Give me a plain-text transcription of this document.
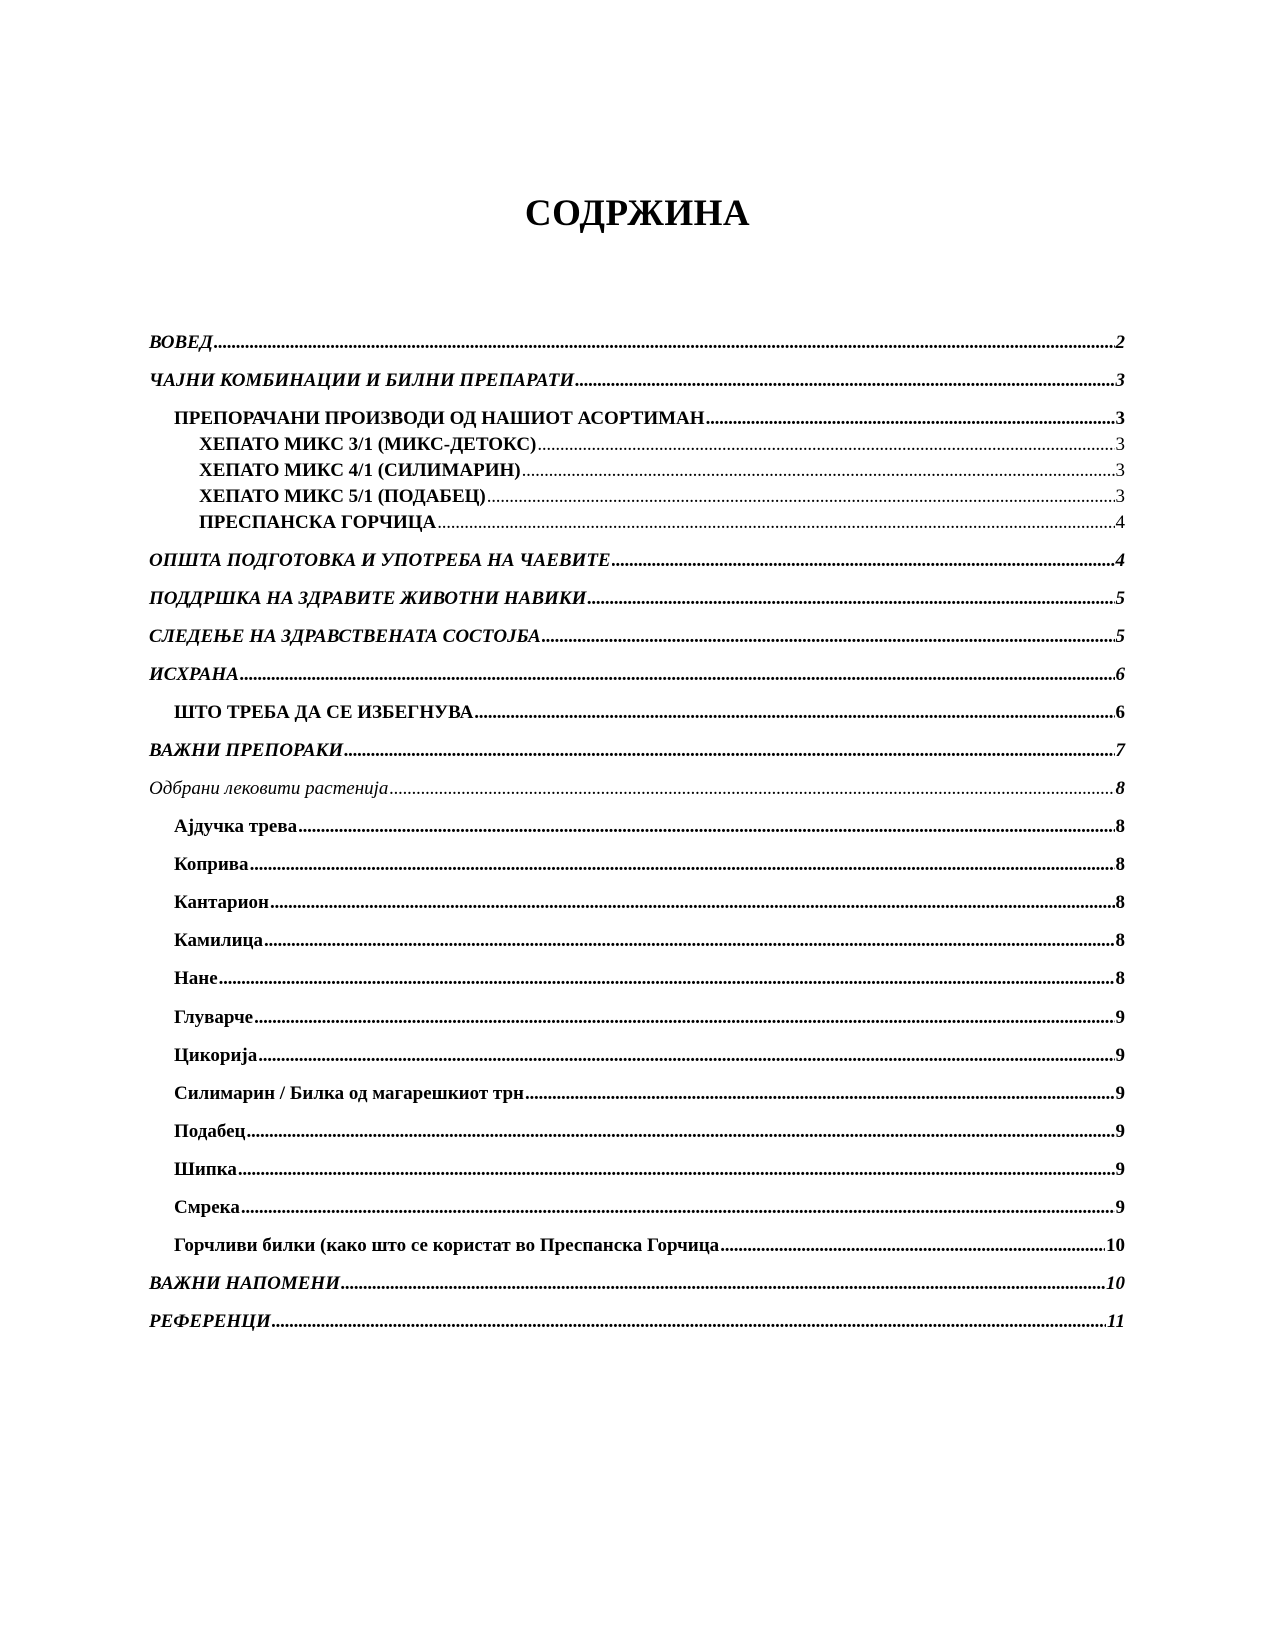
СОДРЖИНА
ВОВЕД . . .	2
ЧАЈНИ КОМБИНАЦИИ И БИЛНИ ПРЕПАРАТИ . . .	3
ПРЕПОРАЧАНИ ПРОИЗВОДИ ОД НАШИОТ АСОРТИМАН . . .	3
ХЕПАТО МИКС 3/1 (МИКС-ДЕТОКС) . . .	3
ХЕПАТО МИКС 4/1 (СИЛИМАРИН) . . .	3
ХЕПАТО МИКС 5/1 (ПОДАБЕЦ) . . .	3
ПРЕСПАНСКА ГОРЧИЦА . . .	4
ОПШТА ПОДГОТОВКА И УПОТРЕБА НА ЧАЕВИТЕ . . .	4
ПОДДРШКА НА ЗДРАВИТЕ ЖИВОТНИ НАВИКИ . . .	5
СЛЕДЕЊЕ НА ЗДРАВСТВЕНАТА СОСТОЈБА . . .	5
ИСХРАНА . . .	6
ШТО ТРЕБА ДА СЕ ИЗБЕГНУВА . . .	6
ВАЖНИ ПРЕПОРАКИ . . .	7
Одбрани лековити растенија . . .	8
Ајдучка трева . . .	8
Коприва . . .	8
Кантарион . . .	8
Камилица . . .	8
Нане . . .	8
Глуварче . . .	9
Цикорија . . .	9
Силимарин / Билка од магарешкиот трн . . .	9
Подабец . . .	9
Шипка . . .	9
Смрека . . .	9
Горчливи билки (како што се користат во Преспанска Горчица . . .	10
ВАЖНИ НАПОМЕНИ . . .	10
РЕФЕРЕНЦИ . . .	11
